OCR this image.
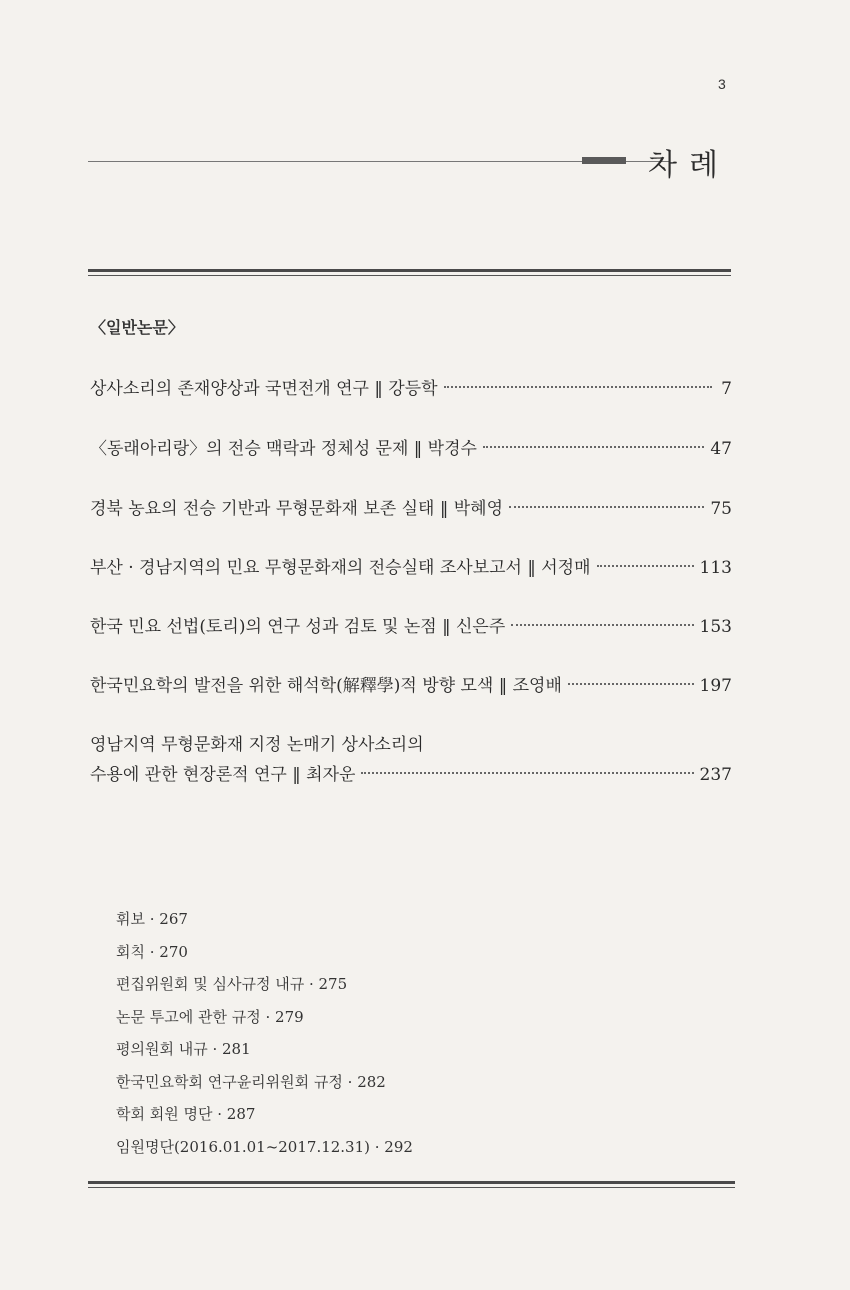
3
차례
〈일반논문〉
상사소리의 존재양상과 국면전개 연구 ‖ 강등학	7
〈동래아리랑〉의 전승 맥락과 정체성 문제 ‖ 박경수	47
경북 농요의 전승 기반과 무형문화재 보존 실태 ‖ 박혜영	75
부산 · 경남지역의 민요 무형문화재의 전승실태 조사보고서 ‖ 서정매	113
한국 민요 선법(토리)의 연구 성과 검토 및 논점 ‖ 신은주	153
한국민요학의 발전을 위한 해석학(解釋學)적 방향 모색 ‖ 조영배	197
영남지역 무형문화재 지정 논매기 상사소리의
수용에 관한 현장론적 연구 ‖ 최자운	237
휘보 · 267
회칙 · 270
편집위원회 및 심사규정 내규 · 275
논문 투고에 관한 규정 · 279
평의원회 내규 · 281
한국민요학회 연구윤리위원회 규정 · 282
학회 회원 명단 · 287
임원명단(2016.01.01~2017.12.31) · 292
